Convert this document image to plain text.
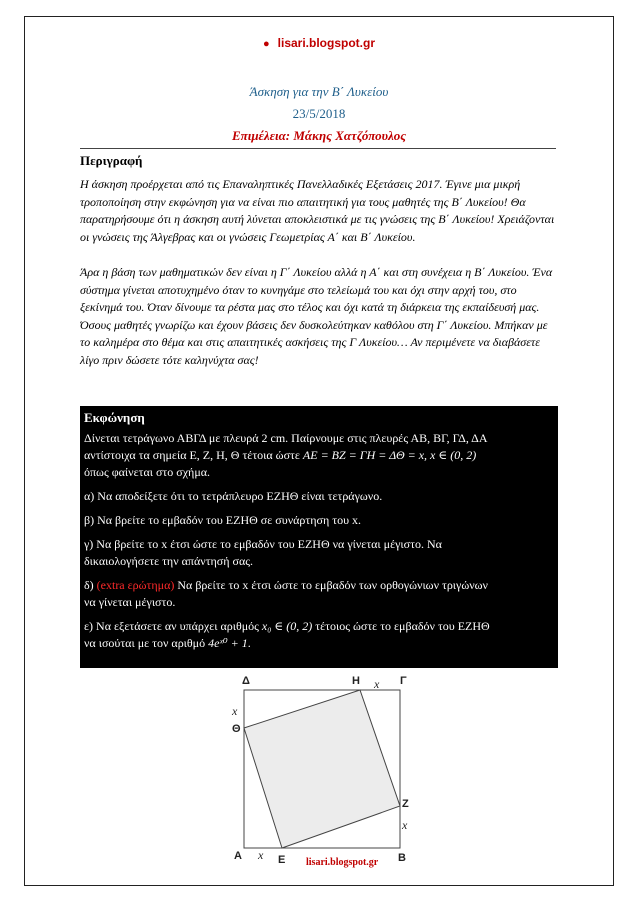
● lisari.blogspot.gr
Άσκηση για την Β΄ Λυκείου
23/5/2018
Επιμέλεια: Μάκης Χατζόπουλος
Περιγραφή
Η άσκηση προέρχεται από τις Επαναληπτικές Πανελλαδικές Εξετάσεις 2017. Έγινε μια μικρή τροποποίηση στην εκφώνηση για να είναι πιο απαιτητική για τους μαθητές της Β΄ Λυκείου! Θα παρατηρήσουμε ότι η άσκηση αυτή λύνεται αποκλειστικά με τις γνώσεις της Β΄ Λυκείου! Χρειάζονται οι γνώσεις της Άλγεβρας και οι γνώσεις Γεωμετρίας Α΄ και Β΄ Λυκείου.
Άρα η βάση των μαθηματικών δεν είναι η Γ΄ Λυκείου αλλά η Α΄ και στη συνέχεια η Β΄ Λυκείου. Ένα σύστημα γίνεται αποτυχημένο όταν το κυνηγάμε στο τελείωμά του και όχι στην αρχή του, στο ξεκίνημά του. Όταν δίνουμε τα ρέστα μας στο τέλος και όχι κατά τη διάρκεια της εκπαίδευσή μας. Όσους μαθητές γνωρίζω και έχουν βάσεις δεν δυσκολεύτηκαν καθόλου στη Γ΄ Λυκείου. Μπήκαν με το καλημέρα στο θέμα και στις απαιτητικές ασκήσεις της Γ Λυκείου… Αν περιμένετε να διαβάσετε λίγο πριν δώσετε τότε καληνύχτα σας!
Εκφώνηση
Δίνεται τετράγωνο ΑΒΓΔ με πλευρά 2 cm. Παίρνουμε στις πλευρές ΑΒ, ΒΓ, ΓΔ, ΔΑ
αντίστοιχα τα σημεία Ε, Ζ, Η, Θ τέτοια ώστε ΑΕ = ΒΖ = ΓΗ = ΔΘ = x, x ∈ (0, 2)
όπως φαίνεται στο σχήμα.
α) Να αποδείξετε ότι το τετράπλευρο ΕΖΗΘ είναι τετράγωνο.
β) Να βρείτε το εμβαδόν του ΕΖΗΘ σε συνάρτηση του x.
γ) Να βρείτε το x έτσι ώστε το εμβαδόν του ΕΖΗΘ να γίνεται μέγιστο. Να
δικαιολογήσετε την απάντησή σας.
δ) (extra ερώτημα) Να βρείτε το x έτσι ώστε το εμβαδόν των ορθογώνιων τριγώνων
να γίνεται μέγιστο.
ε) Να εξετάσετε αν υπάρχει αριθμός x₀ ∈ (0, 2) τέτοιος ώστε το εμβαδόν του ΕΖΗΘ
να ισούται με τον αριθμό 4eˣ⁰ + 1.
Δ	Η x Γ
x
Θ
Ζ
x
Α x Ε	Β
lisari.blogspot.gr
